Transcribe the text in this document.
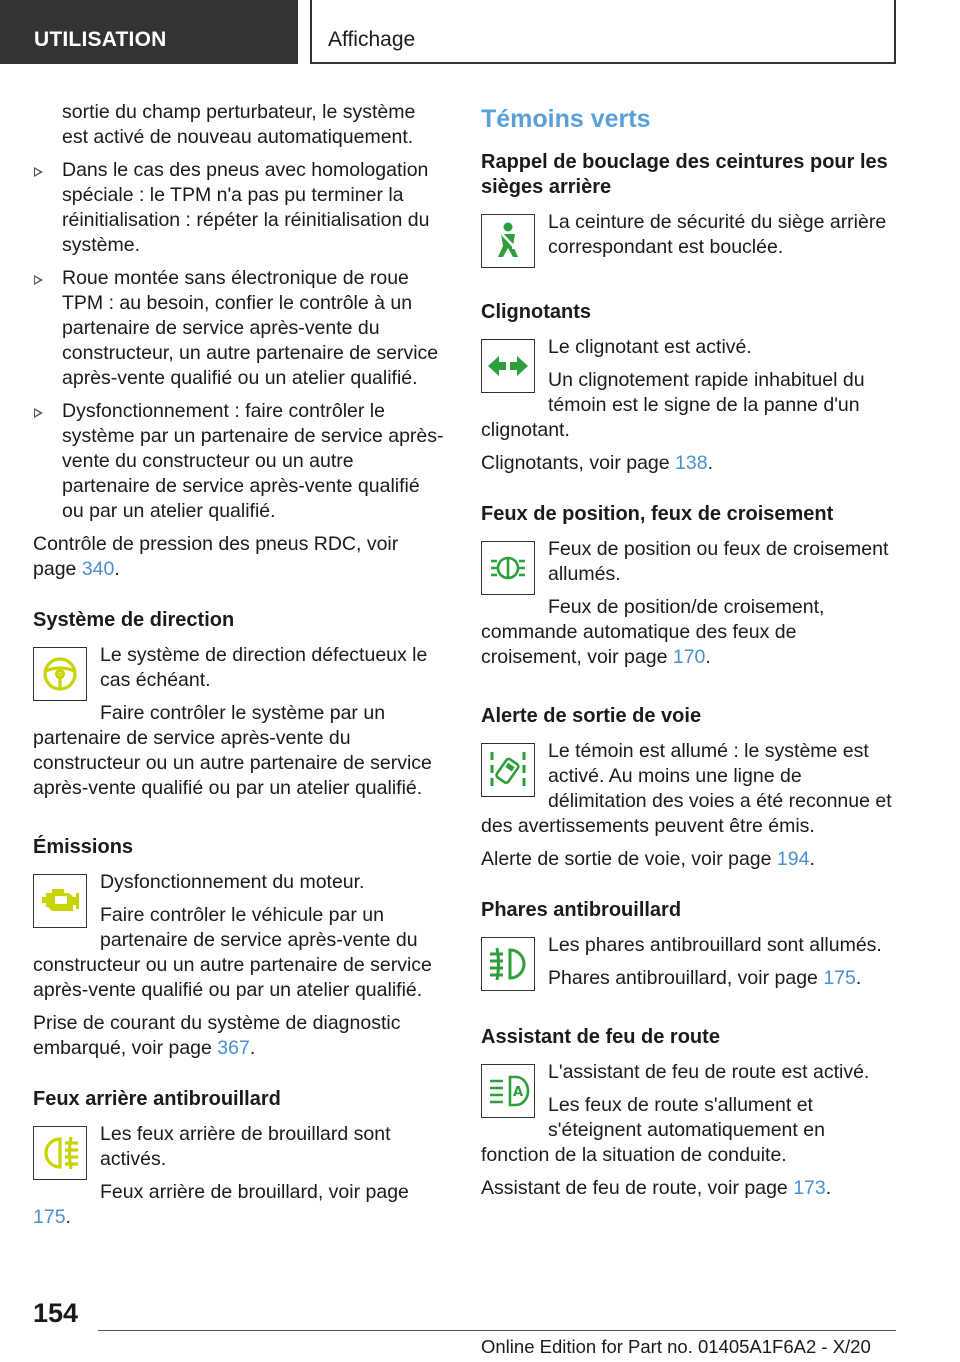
UTILISATION	Affichage

sortie du champ perturbateur, le système est activé de nouveau automatiquement.

Dans le cas des pneus avec homologation spéciale : le TPM n'a pas pu terminer la réinitialisation : répéter la réinitialisation du système.
Roue montée sans électronique de roue TPM : au besoin, confier le contrôle à un partenaire de service après-vente du constructeur, un autre partenaire de service après-vente qualifié ou un atelier qualifié.
Dysfonctionnement : faire contrôler le système par un partenaire de service après-vente du constructeur ou un autre partenaire de service après-vente qualifié ou par un atelier qualifié.

Contrôle de pression des pneus RDC, voir page 340.

Système de direction

Le système de direction défectueux le cas échéant.

Faire contrôler le système par un partenaire de service après-vente du constructeur ou un autre partenaire de service après-vente qualifié ou par un atelier qualifié.

Émissions

Dysfonctionnement du moteur.

Faire contrôler le véhicule par un partenaire de service après-vente du constructeur ou un autre partenaire de service après-vente qualifié ou par un atelier qualifié.

Prise de courant du système de diagnostic embarqué, voir page 367.

Feux arrière antibrouillard

Les feux arrière de brouillard sont activés.

Feux arrière de brouillard, voir page 175.

Témoins verts
Rappel de bouclage des ceintures pour les sièges arrière

La ceinture de sécurité du siège arrière correspondant est bouclée.

Clignotants

Le clignotant est activé.

Un clignotement rapide inhabituel du témoin est le signe de la panne d'un clignotant.

Clignotants, voir page 138.

Feux de position, feux de croisement

Feux de position ou feux de croisement allumés.

Feux de position/de croisement, commande automatique des feux de croisement, voir page 170.

Alerte de sortie de voie

Le témoin est allumé : le système est activé. Au moins une ligne de délimitation des voies a été reconnue et des avertissements peuvent être émis.

Alerte de sortie de voie, voir page 194.

Phares antibrouillard

Les phares antibrouillard sont allumés.

Phares antibrouillard, voir page 175.

Assistant de feu de route
A

L'assistant de feu de route est activé.

Les feux de route s'allument et s'éteignent automatiquement en fonction de la situation de conduite.

Assistant de feu de route, voir page 173.

154
Online Edition for Part no. 01405A1F6A2 - X/20
